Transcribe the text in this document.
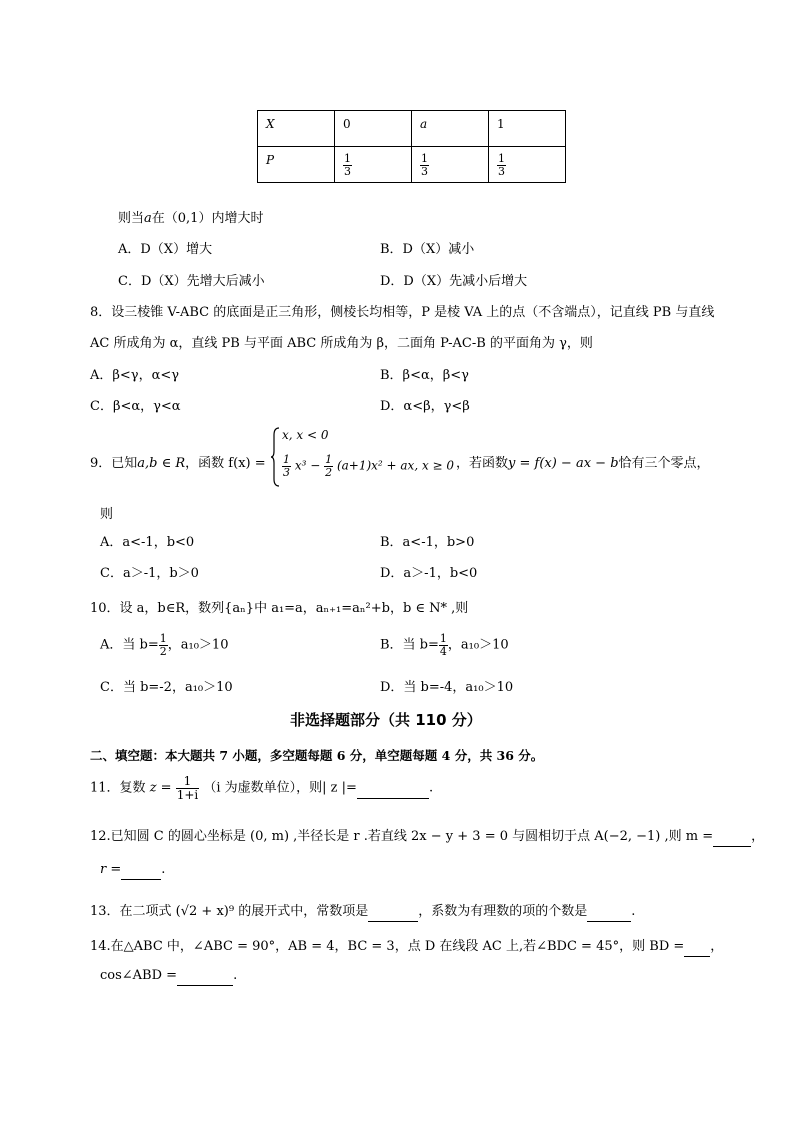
X	0	a	1
P	$\frac{1}{3}$	$\frac{1}{3}$	$\frac{1}{3}$
则当a在（0,1）内增大时
A．D（X）增大	B．D（X）减小
C．D（X）先增大后减小	D．D（X）先减小后增大
8．设三棱锥 V-ABC 的底面是正三角形，侧棱长均相等，P 是棱 VA 上的点（不含端点），记直线 PB 与直线
AC 所成角为 α，直线 PB 与平面 ABC 所成角为 β，二面角 P-AC-B 的平面角为 γ，则
A．β<γ，α<γ	B．β<α，β<γ
C．β<α，γ<α	D．α<β，γ<β
9．已知a,b ∈ R，函数 f(x) =
x, x < 0
$\frac{1}{3} x^3 - \frac{1}{2} (a+1)x^2$ + ax, x ≥ 0 ，若函数y = f(x) − ax − b恰有三个零点，
则
A．a<-1，b<0	B．a<-1，b>0
C．a＞-1，b＞0	D．a＞-1，b<0
10．设 a，b∈R，数列{aₙ}中 a₁=a，aₙ₊₁=aₙ²+b，b ∈ N* ,则
A．当 $b= \frac{1}{2}$ ，a₁₀＞10	B．当 $b= \frac{1}{4}$ ，a₁₀＞10
C．当 b=-2，a₁₀＞10	D．当 b=-4，a₁₀＞10
非选择题部分（共 110 分）
二、填空题：本大题共 7 小题，多空题每题 6 分，单空题每题 4 分，共 36 分。
11．复数 $z = \frac{1}{1+i} (i$ 为虚数单位），则| z |=	.
12.已知圆 C 的圆心坐标是 (0, m) ,半径长是 r .若直线 2x − y + 3 = 0 与圆相切于点 A(−2, −1) ,则 m =	，
r =	.
13．在二项式 (√2 + x)⁹ 的展开式中，常数项是	，系数为有理数的项的个数是	.
14.在△ABC 中，∠ABC = 90°，AB = 4，BC = 3，点 D 在线段 AC 上,若∠BDC = 45°，则 BD = ，
cos∠ABD =	.
